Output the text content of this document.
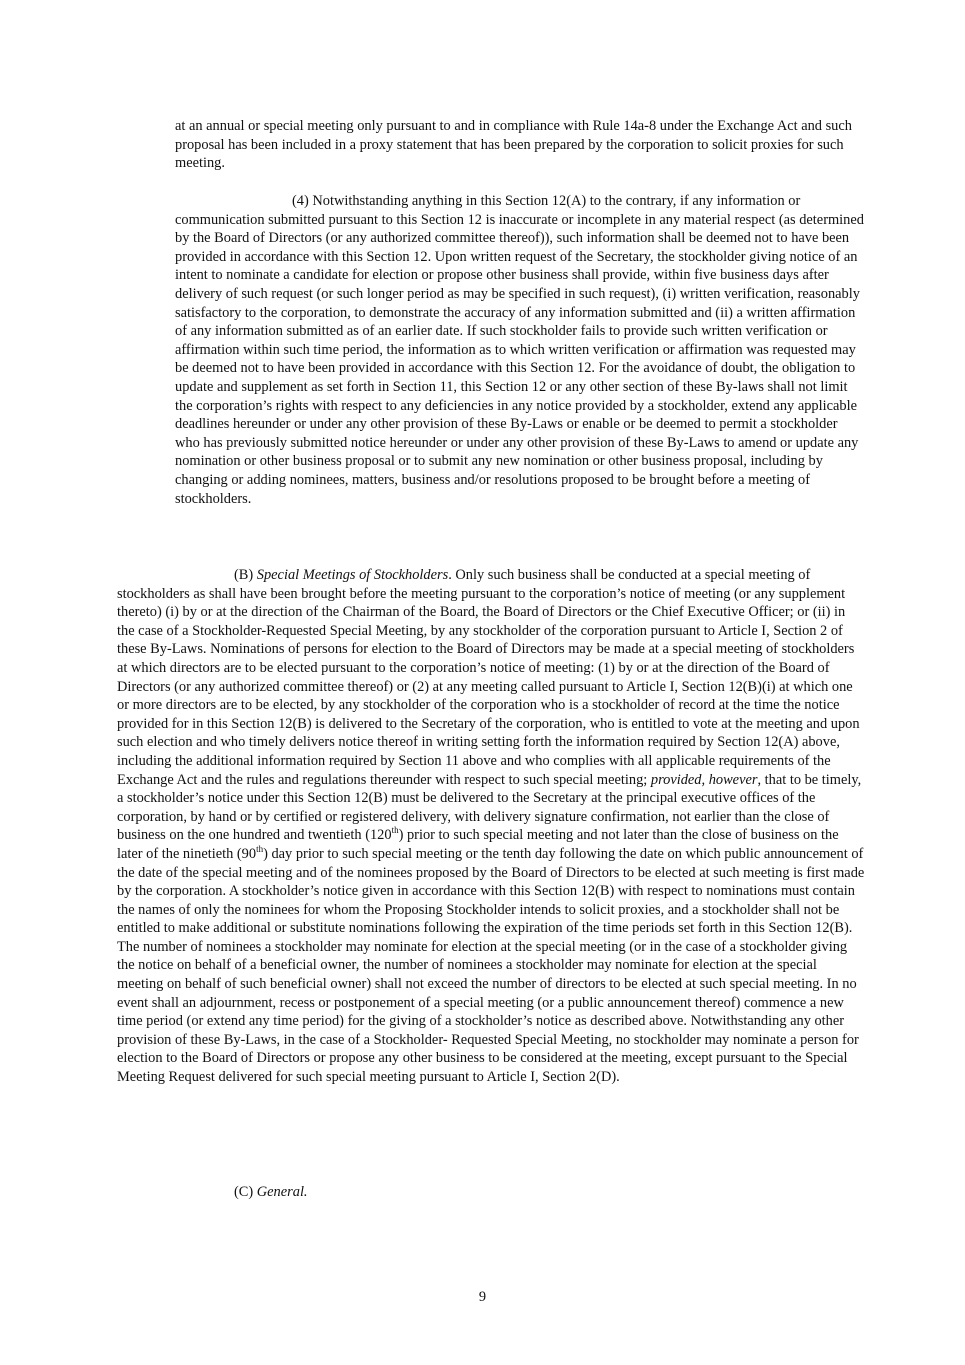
at an annual or special meeting only pursuant to and in compliance with Rule 14a-8 under the Exchange Act and such proposal has been included in a proxy statement that has been prepared by the corporation to solicit proxies for such meeting.

(4) Notwithstanding anything in this Section 12(A) to the contrary, if any information or communication submitted pursuant to this Section 12 is inaccurate or incomplete in any material respect (as determined by the Board of Directors (or any authorized committee thereof)), such information shall be deemed not to have been provided in accordance with this Section 12. Upon written request of the Secretary, the stockholder giving notice of an intent to nominate a candidate for election or propose other business shall provide, within five business days after delivery of such request (or such longer period as may be specified in such request), (i) written verification, reasonably satisfactory to the corporation, to demonstrate the accuracy of any information submitted and (ii) a written affirmation of any information submitted as of an earlier date. If such stockholder fails to provide such written verification or affirmation within such time period, the information as to which written verification or affirmation was requested may be deemed not to have been provided in accordance with this Section 12. For the avoidance of doubt, the obligation to update and supplement as set forth in Section 11, this Section 12 or any other section of these By-laws shall not limit the corporation’s rights with respect to any deficiencies in any notice provided by a stockholder, extend any applicable deadlines hereunder or under any other provision of these By-Laws or enable or be deemed to permit a stockholder who has previously submitted notice hereunder or under any other provision of these By-Laws to amend or update any nomination or other business proposal or to submit any new nomination or other business proposal, including by changing or adding nominees, matters, business and/or resolutions proposed to be brought before a meeting of stockholders.

(B) Special Meetings of Stockholders. Only such business shall be conducted at a special meeting of stockholders as shall have been brought before the meeting pursuant to the corporation’s notice of meeting (or any supplement thereto) (i) by or at the direction of the Chairman of the Board, the Board of Directors or the Chief Executive Officer; or (ii) in the case of a Stockholder-Requested Special Meeting, by any stockholder of the corporation pursuant to Article I, Section 2 of these By-Laws. Nominations of persons for election to the Board of Directors may be made at a special meeting of stockholders at which directors are to be elected pursuant to the corporation’s notice of meeting: (1) by or at the direction of the Board of Directors (or any authorized committee thereof) or (2) at any meeting called pursuant to Article I, Section 12(B)(i) at which one or more directors are to be elected, by any stockholder of the corporation who is a stockholder of record at the time the notice provided for in this Section 12(B) is delivered to the Secretary of the corporation, who is entitled to vote at the meeting and upon such election and who timely delivers notice thereof in writing setting forth the information required by Section 12(A) above, including the additional information required by Section 11 above and who complies with all applicable requirements of the Exchange Act and the rules and regulations thereunder with respect to such special meeting; provided, however, that to be timely, a stockholder’s notice under this Section 12(B) must be delivered to the Secretary at the principal executive offices of the corporation, by hand or by certified or registered delivery, with delivery signature confirmation, not earlier than the close of business on the one hundred and twentieth (120th) prior to such special meeting and not later than the close of business on the later of the ninetieth (90th) day prior to such special meeting or the tenth day following the date on which public announcement of the date of the special meeting and of the nominees proposed by the Board of Directors to be elected at such meeting is first made by the corporation. A stockholder’s notice given in accordance with this Section 12(B) with respect to nominations must contain the names of only the nominees for whom the Proposing Stockholder intends to solicit proxies, and a stockholder shall not be entitled to make additional or substitute nominations following the expiration of the time periods set forth in this Section 12(B). The number of nominees a stockholder may nominate for election at the special meeting (or in the case of a stockholder giving the notice on behalf of a beneficial owner, the number of nominees a stockholder may nominate for election at the special meeting on behalf of such beneficial owner) shall not exceed the number of directors to be elected at such special meeting. In no event shall an adjournment, recess or postponement of a special meeting (or a public announcement thereof) commence a new time period (or extend any time period) for the giving of a stockholder’s notice as described above. Notwithstanding any other provision of these By-Laws, in the case of a Stockholder- Requested Special Meeting, no stockholder may nominate a person for election to the Board of Directors or propose any other business to be considered at the meeting, except pursuant to the Special Meeting Request delivered for such special meeting pursuant to Article I, Section 2(D).

(C) General.

9
